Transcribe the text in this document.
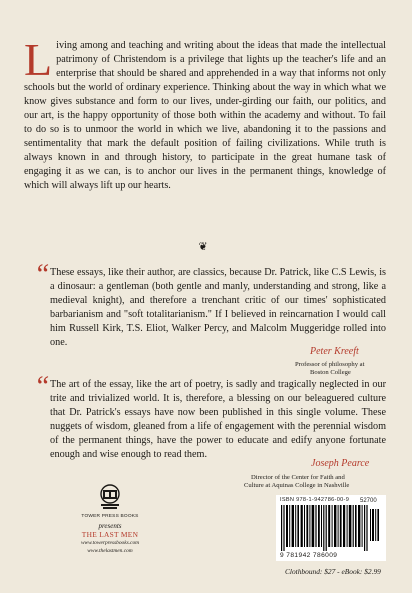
Living among and teaching and writing about the ideas that made the intellectual patrimony of Christendom is a privilege that lights up the teacher's life and an enterprise that should be shared and apprehended in a way that informs not only schools but the world of ordinary experience. Thinking about the way in which what we know gives substance and form to our lives, under-girding our faith, our politics, and our art, is the happy opportunity of those both within the academy and without. To fail to do so is to unmoor the world in which we live, abandoning it to the passions and sentimentality that mark the default position of failing civilizations. While truth is always known in and through history, to participate in the great humane task of engaging it as we can, is to anchor our lives in the permanent things, knowledge of which will always lift up our hearts.
❦
“ These essays, like their author, are classics, because Dr. Patrick, like C.S Lewis, is a dinosaur: a gentleman (both gentle and manly, understanding and strong, like a medieval knight), and therefore a trenchant critic of our times' sophisticated barbarianism and "soft totalitarianism." If I believed in reincarnation I would call him Russell Kirk, T.S. Eliot, Walker Percy, and Malcolm Muggeridge rolled into one.
Peter Kreeft
Professor of philosophy at
Boston College
“ The art of the essay, like the art of poetry, is sadly and tragically neglected in our trite and trivialized world. It is, therefore, a blessing on our beleaguered culture that Dr. Patrick's essays have now been published in this single volume. These nuggets of wisdom, gleaned from a life of engagement with the perennial wisdom of the permanent things, have the power to educate and edify anyone fortunate enough and wise enough to read them.
Joseph Pearce
Director of the Center for Faith and
Culture at Aquinas College in Nashville
TOWER PRESS BOOKS
presents
THE LAST MEN
www.towerpressbooks.com
www.thelastmen.com
ISBN 978-1-942786-00-9 52700
9 781942 786009
Clothbound: $27 - eBook: $2.99
